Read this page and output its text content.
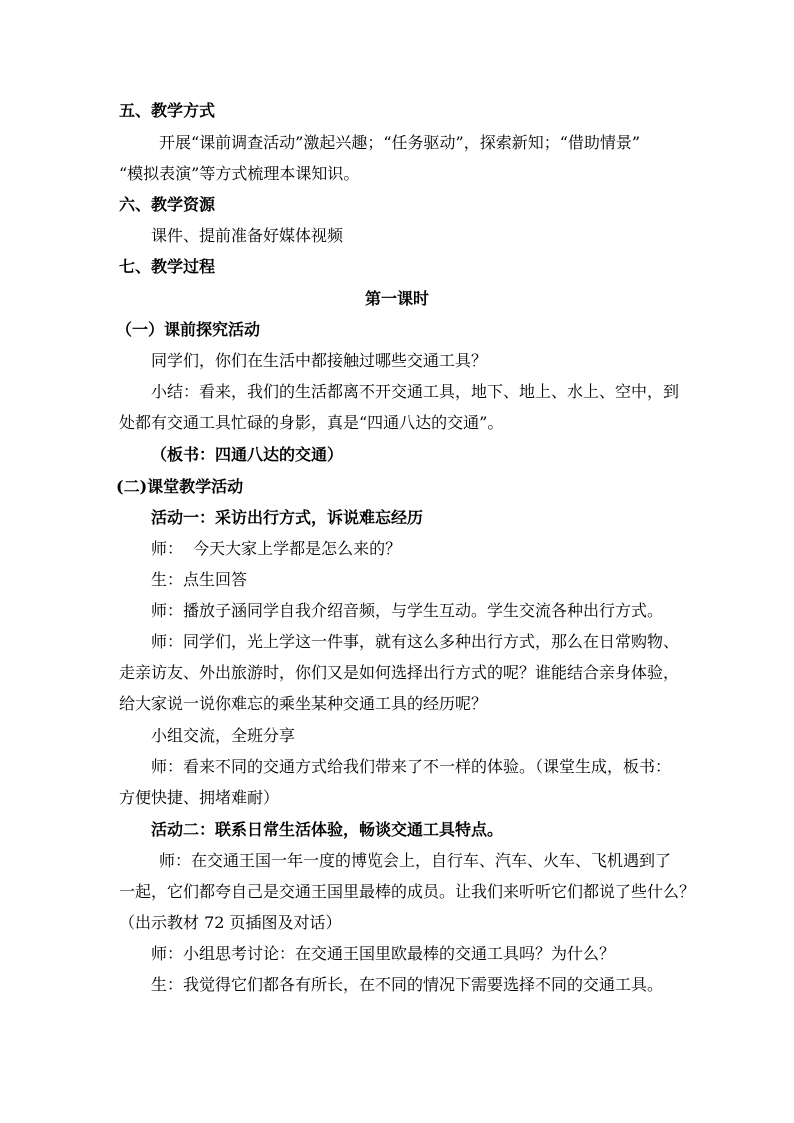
五、教学方式
开展“课前调查活动”激起兴趣；“任务驱动”，探索新知；“借助情景”
“模拟表演”等方式梳理本课知识。
六、教学资源
课件、提前准备好媒体视频
七、教学过程
第一课时
（一）课前探究活动
同学们，你们在生活中都接触过哪些交通工具？
小结：看来，我们的生活都离不开交通工具，地下、地上、水上、空中，到
处都有交通工具忙碌的身影，真是“四通八达的交通”。
（板书：四通八达的交通）
(二)课堂教学活动
活动一：采访出行方式，诉说难忘经历
师：  今天大家上学都是怎么来的？
生：点生回答
师：播放子涵同学自我介绍音频，与学生互动。学生交流各种出行方式。
师：同学们，光上学这一件事，就有这么多种出行方式，那么在日常购物、
走亲访友、外出旅游时，你们又是如何选择出行方式的呢？谁能结合亲身体验，
给大家说一说你难忘的乘坐某种交通工具的经历呢？
小组交流，全班分享
师：看来不同的交通方式给我们带来了不一样的体验。（课堂生成，板书：
方便快捷、拥堵难耐）
活动二：联系日常生活体验，畅谈交通工具特点。
师：在交通王国一年一度的博览会上，自行车、汽车、火车、飞机遇到了
一起，它们都夸自己是交通王国里最棒的成员。让我们来听听它们都说了些什么？
（出示教材 72 页插图及对话）
师：小组思考讨论：在交通王国里欧最棒的交通工具吗？为什么？
生：我觉得它们都各有所长，在不同的情况下需要选择不同的交通工具。
